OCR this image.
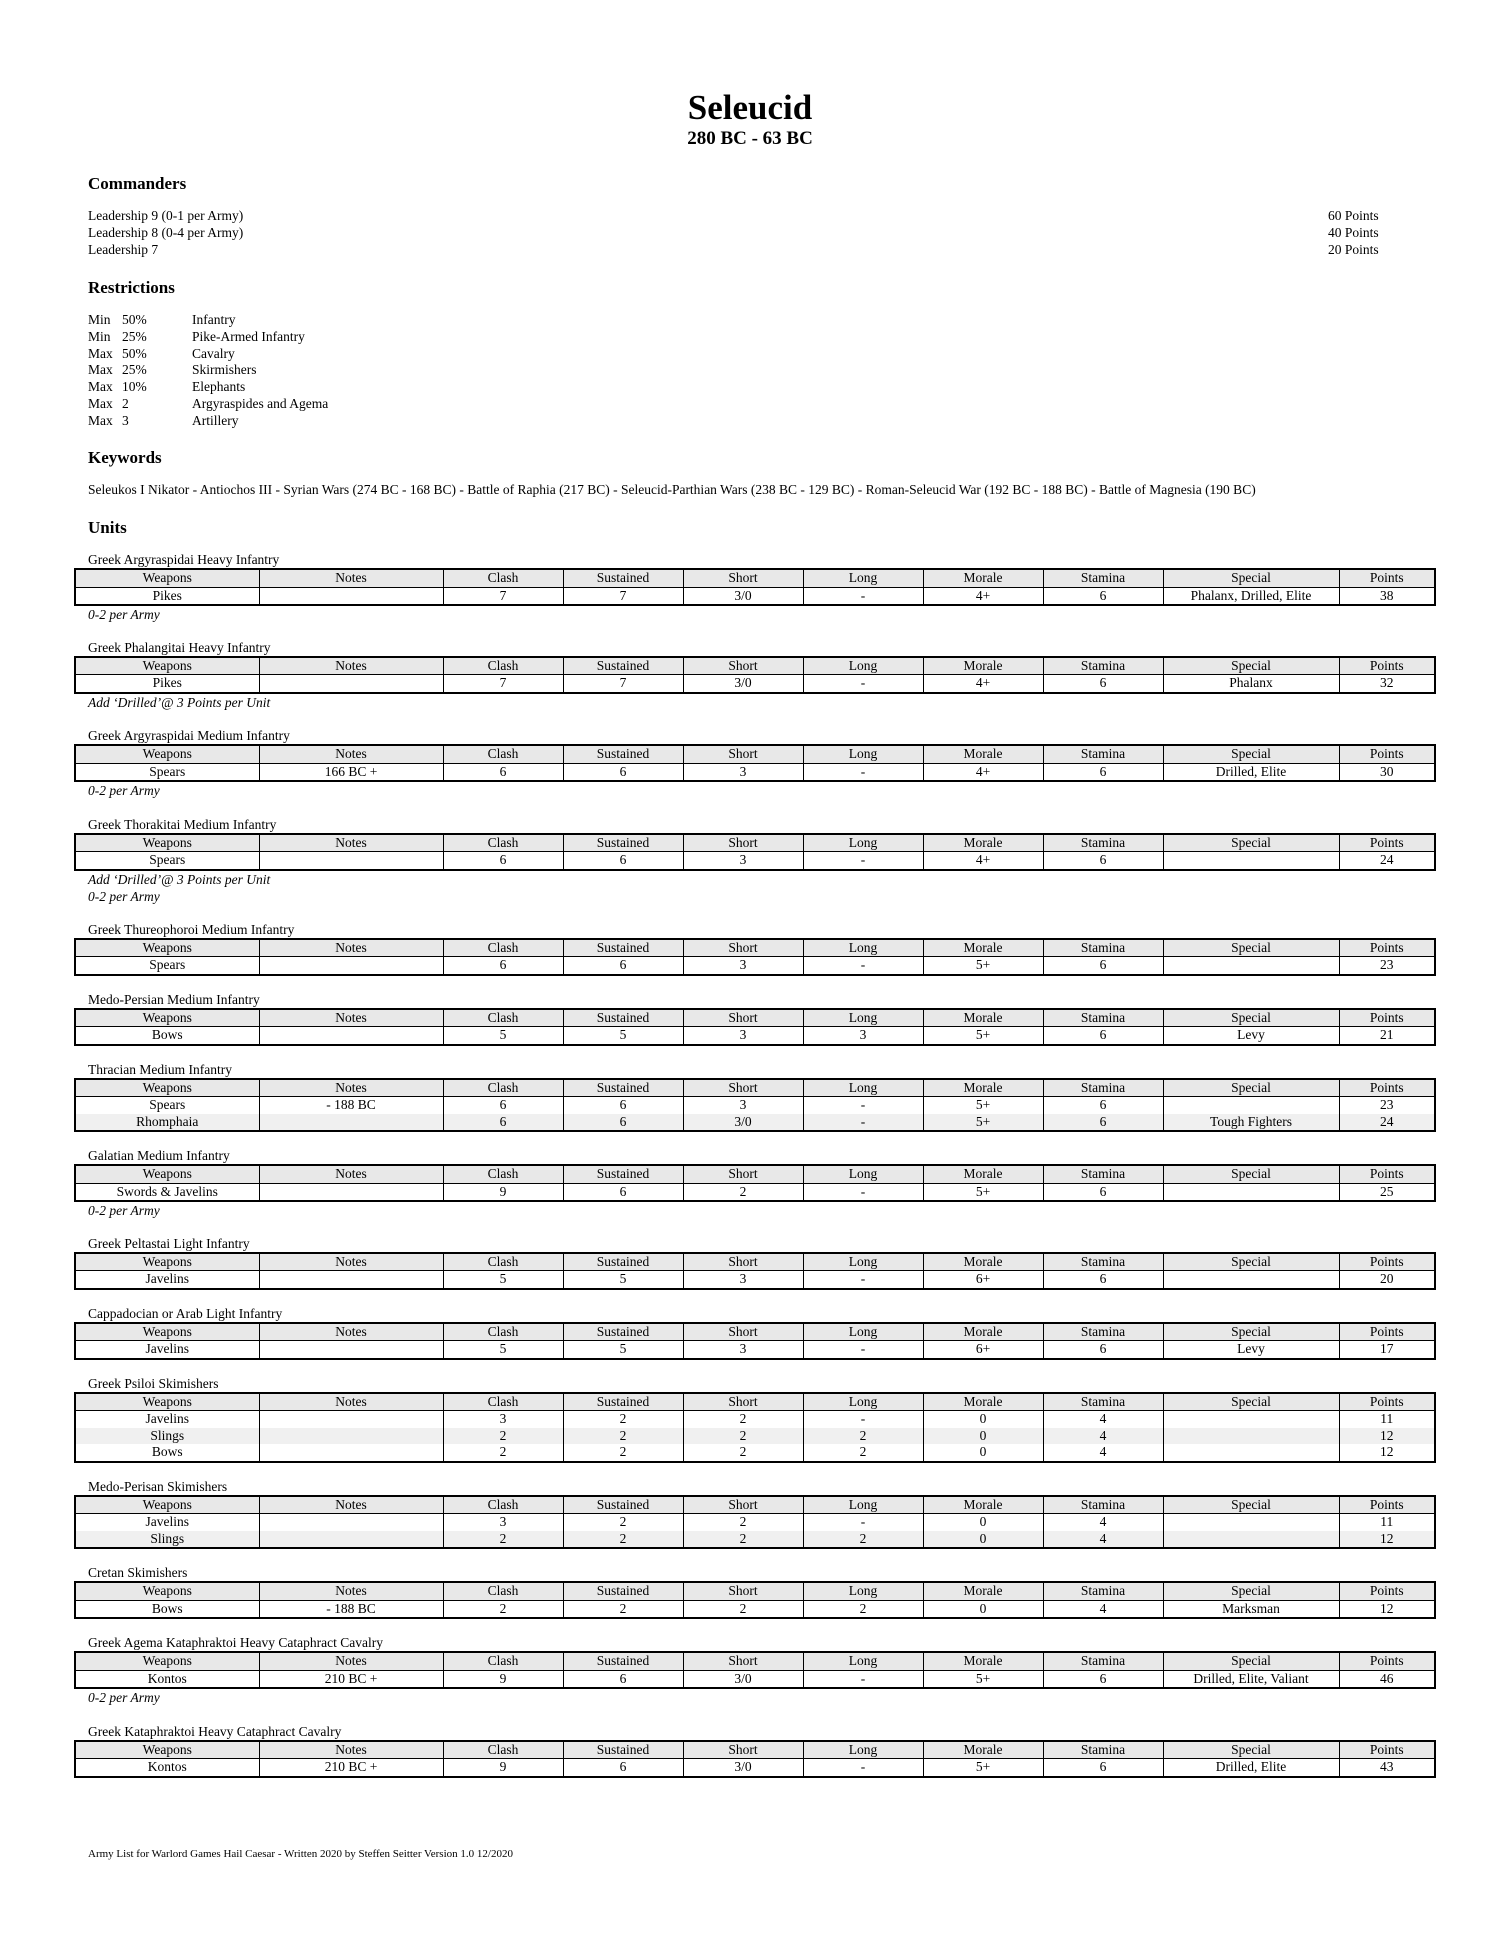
Seleucid
280 BC - 63 BC
Commanders
Leadership 9 (0-1 per Army)	60 Points
Leadership 8 (0-4 per Army)	40 Points
Leadership 7	20 Points
Restrictions
Min 50%	Infantry
Min 25%	Pike-Armed Infantry
Max 50%	Cavalry
Max 25%	Skirmishers
Max 10%	Elephants
Max 2	Argyraspides and Agema
Max 3	Artillery
Keywords
Seleukos I Nikator - Antiochos III - Syrian Wars (274 BC - 168 BC) - Battle of Raphia (217 BC) - Seleucid-Parthian Wars (238 BC - 129 BC) - Roman-Seleucid War (192 BC - 188 BC) - Battle of Magnesia (190 BC)
Units
Greek Argyraspidai Heavy Infantry
Weapons	Notes	Clash	Sustained	Short	Long	Morale	Stamina	Special	Points
Pikes		7	7	3/0	-	4+	6	Phalanx, Drilled, Elite	38
0-2 per Army
Greek Phalangitai Heavy Infantry
Weapons	Notes	Clash	Sustained	Short	Long	Morale	Stamina	Special	Points
Pikes		7	7	3/0	-	4+	6	Phalanx	32
Add ‘Drilled’@ 3 Points per Unit
Greek Argyraspidai Medium Infantry
Weapons	Notes	Clash	Sustained	Short	Long	Morale	Stamina	Special	Points
Spears	166 BC +	6	6	3	-	4+	6	Drilled, Elite	30
0-2 per Army
Greek Thorakitai Medium Infantry
Weapons	Notes	Clash	Sustained	Short	Long	Morale	Stamina	Special	Points
Spears		6	6	3	-	4+	6		24
Add ‘Drilled’@ 3 Points per Unit
0-2 per Army
Greek Thureophoroi Medium Infantry
Weapons	Notes	Clash	Sustained	Short	Long	Morale	Stamina	Special	Points
Spears		6	6	3	-	5+	6		23
Medo-Persian Medium Infantry
Weapons	Notes	Clash	Sustained	Short	Long	Morale	Stamina	Special	Points
Bows		5	5	3	3	5+	6	Levy	21
Thracian Medium Infantry
Weapons	Notes	Clash	Sustained	Short	Long	Morale	Stamina	Special	Points
Spears	- 188 BC	6	6	3	-	5+	6		23
Rhomphaia		6	6	3/0	-	5+	6	Tough Fighters	24
Galatian Medium Infantry
Weapons	Notes	Clash	Sustained	Short	Long	Morale	Stamina	Special	Points
Swords & Javelins		9	6	2	-	5+	6		25
0-2 per Army
Greek Peltastai Light Infantry
Weapons	Notes	Clash	Sustained	Short	Long	Morale	Stamina	Special	Points
Javelins		5	5	3	-	6+	6		20
Cappadocian or Arab Light Infantry
Weapons	Notes	Clash	Sustained	Short	Long	Morale	Stamina	Special	Points
Javelins		5	5	3	-	6+	6	Levy	17
Greek Psiloi Skimishers
Weapons	Notes	Clash	Sustained	Short	Long	Morale	Stamina	Special	Points
Javelins		3	2	2	-	0	4		11
Slings		2	2	2	2	0	4		12
Bows		2	2	2	2	0	4		12
Medo-Perisan Skimishers
Weapons	Notes	Clash	Sustained	Short	Long	Morale	Stamina	Special	Points
Javelins		3	2	2	-	0	4		11
Slings		2	2	2	2	0	4		12
Cretan Skimishers
Weapons	Notes	Clash	Sustained	Short	Long	Morale	Stamina	Special	Points
Bows	- 188 BC	2	2	2	2	0	4	Marksman	12
Greek Agema Kataphraktoi Heavy Cataphract Cavalry
Weapons	Notes	Clash	Sustained	Short	Long	Morale	Stamina	Special	Points
Kontos	210 BC +	9	6	3/0	-	5+	6	Drilled, Elite, Valiant	46
0-2 per Army
Greek Kataphraktoi Heavy Cataphract Cavalry
Weapons	Notes	Clash	Sustained	Short	Long	Morale	Stamina	Special	Points
Kontos	210 BC +	9	6	3/0	-	5+	6	Drilled, Elite	43
Army List for Warlord Games Hail Caesar - Written 2020 by Steffen Seitter Version 1.0 12/2020
